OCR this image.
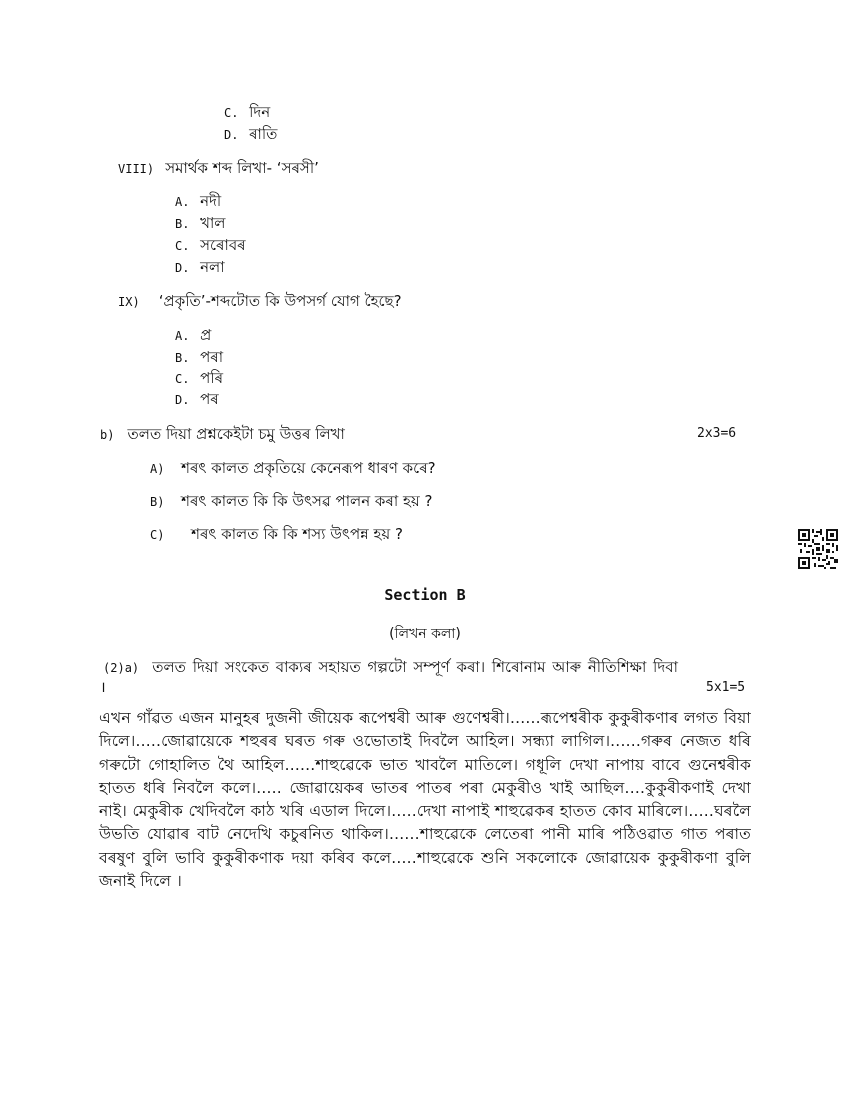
C. দিন
D. ৰাতি
VIII) সমাৰ্থক শব্দ লিখা- ‘সৰসী’
A. নদী
B. খাল
C. সৰোবৰ
D. নলা
IX) ‘প্ৰকৃতি’-শব্দটোত কি উপসৰ্গ যোগ হৈছে?
A. প্ৰ
B. পৰা
C. পৰি
D. পৰ
b) তলত দিয়া প্ৰশ্নকেইটা চমু উত্তৰ লিখা	2x3=6
A) শৰৎ কালত প্ৰকৃতিয়ে কেনেৰূপ ধাৰণ কৰে?
B) শৰৎ কালত কি কি উৎসৱ পালন কৰা হয় ?
C) শৰৎ কালত কি কি শস্য উৎপন্ন হয় ?
Section B
(লিখন কলা)
(2)a) তলত দিয়া সংকেত বাক্যৰ সহায়ত গল্পটো সম্পূৰ্ণ কৰা। শিৰোনাম আৰু নীতিশিক্ষা দিবা
।	5x1=5

এখন গাঁৱত এজন মানুহৰ দুজনী জীয়েক ৰূপেশ্বৰী আৰু গুণেশ্বৰী।......ৰূপেশ্বৰীক কুকুৰীকণাৰ লগত বিয়া দিলে।.....জোৱায়েকে শহুৰৰ ঘৰত গৰু ওভোতাই দিবলৈ আহিল। সন্ধ্যা লাগিল।......গৰুৰ নেজত ধৰি গৰুটো গোহালিত থৈ আহিল......শাহুৱেকে ভাত খাবলৈ মাতিলে। গধূলি দেখা নাপায় বাবে গুনেশ্বৰীক হাতত ধৰি নিবলৈ কলে।..... জোৱায়েকৰ ভাতৰ পাতৰ পৰা মেকুৰীও খাই আছিল....কুকুৰীকণাই দেখা নাই। মেকুৰীক খেদিবলৈ কাঠ খৰি এডাল দিলে।.....দেখা নাপাই শাহুৱেকৰ হাতত কোব মাৰিলে।.....ঘৰলৈ উভতি যোৱাৰ বাট নেদেখি কচুৰনিত থাকিল।......শাহুৱেকে লেতেৰা পানী মাৰি পঠিওৱাত গাত পৰাত বৰষুণ বুলি ভাবি কুকুৰীকণাক দয়া কৰিব কলে.....শাহুৱেকে শুনি সকলোকে জোৱায়েক কুকুৰীকণা বুলি জনাই দিলে ।
